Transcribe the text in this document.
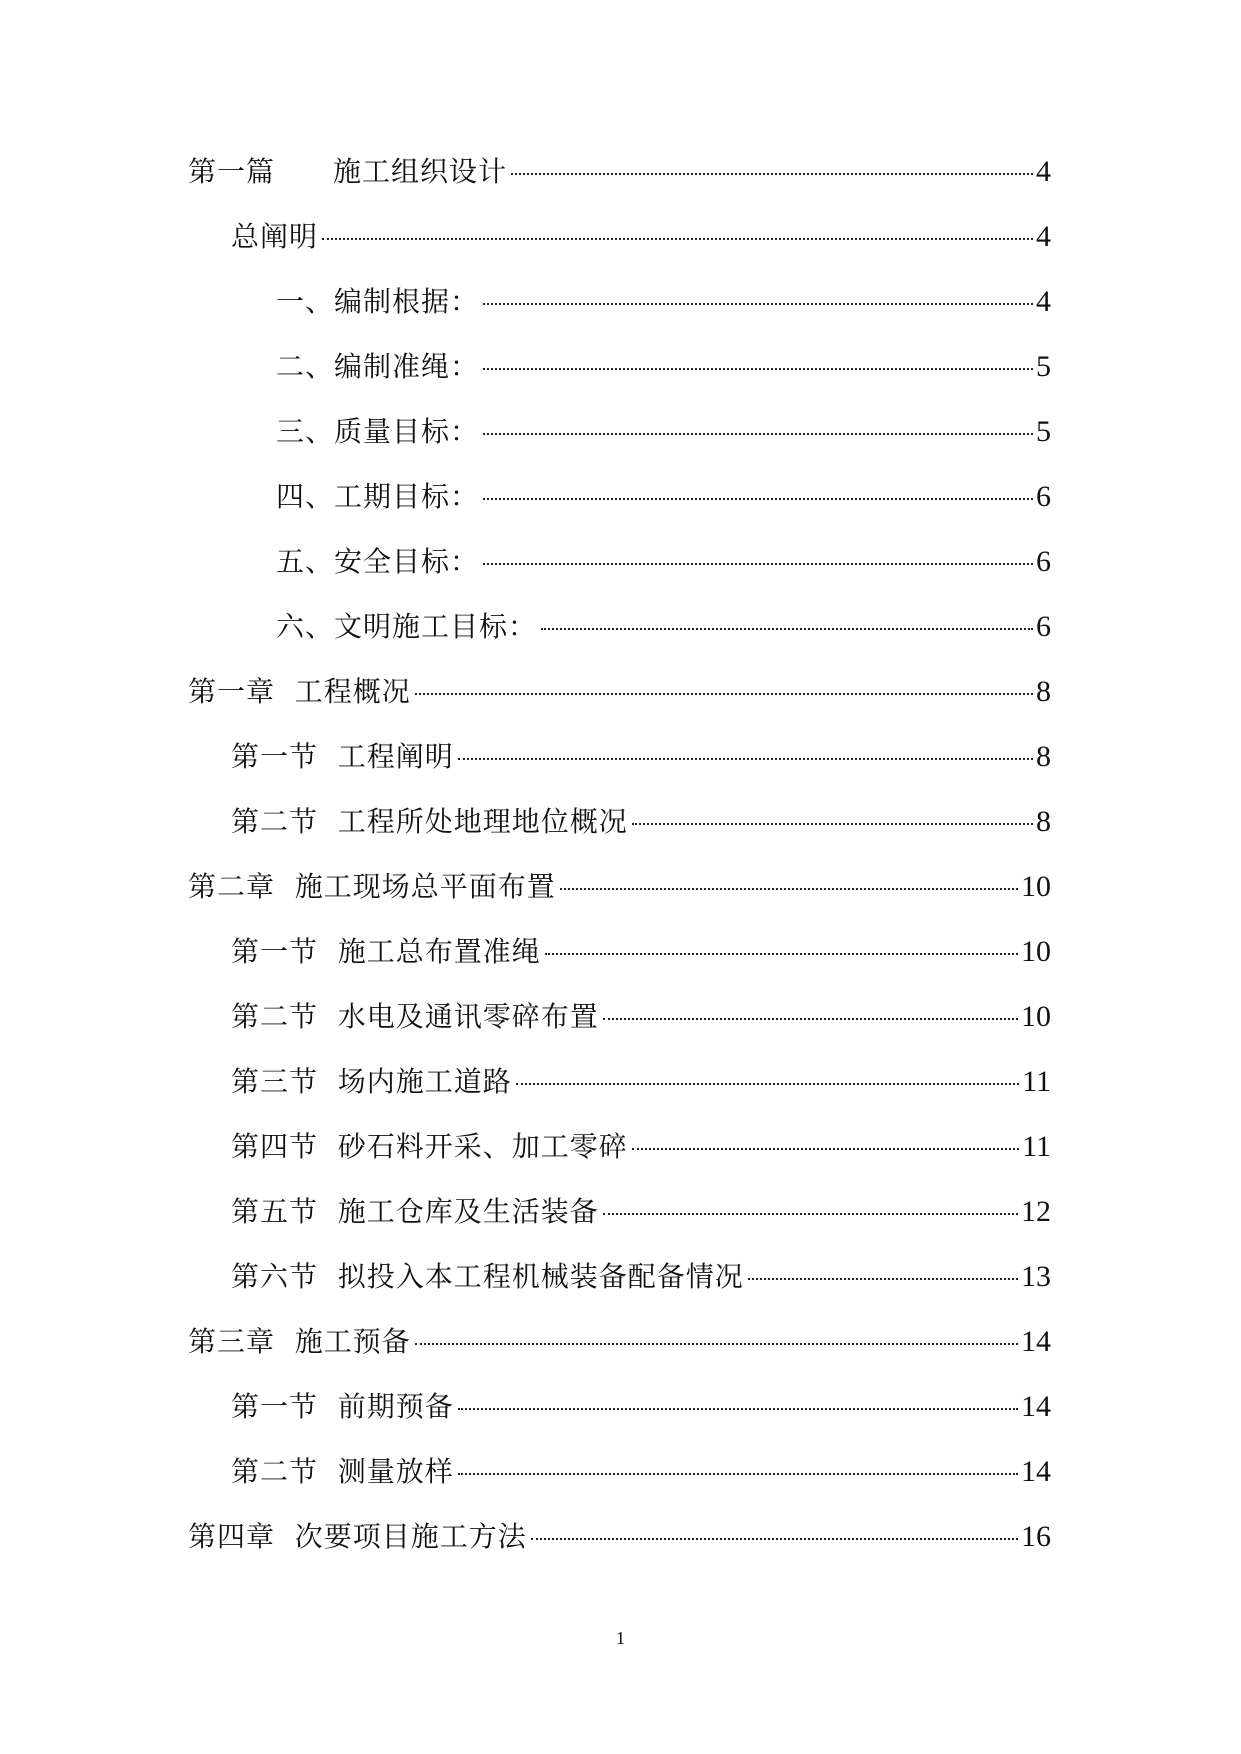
第一篇　　施工组织设计	4
总阐明	4
一、编制根据：	4
二、编制准绳：	5
三、质量目标：	5
四、工期目标：	6
五、安全目标：	6
六、文明施工目标：	6
第一章  工程概况	8
第一节  工程阐明	8
第二节  工程所处地理地位概况	8
第二章  施工现场总平面布置	10
第一节  施工总布置准绳	10
第二节  水电及通讯零碎布置	10
第三节  场内施工道路	11
第四节  砂石料开采、加工零碎	11
第五节  施工仓库及生活装备	12
第六节  拟投入本工程机械装备配备情况	13
第三章  施工预备	14
第一节  前期预备	14
第二节  测量放样	14
第四章  次要项目施工方法	16
1
